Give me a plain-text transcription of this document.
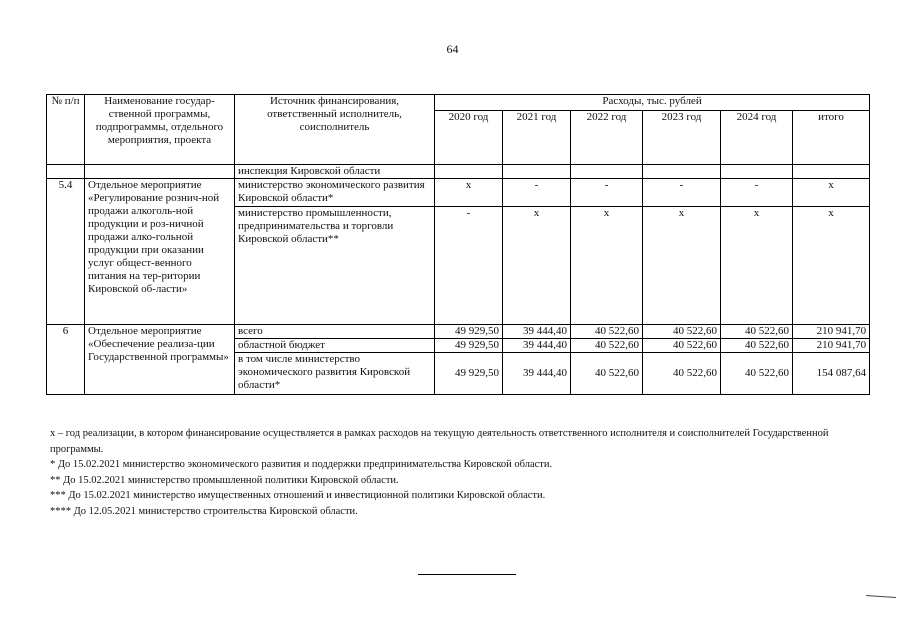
64
№ п/п	Наименование государ-ственной программы, подпрограммы, отдельного мероприятия, проекта	Источник финансирования, ответственный исполнитель, соисполнитель	Расходы, тыс. рублей					
			2020 год	2021 год	2022 год	2023 год	2024 год	итого
		инспекция Кировской области						
5.4	Отдельное мероприятие «Регулирование рознич-ной продажи алкоголь-ной продукции и роз-ничной продажи алко-гольной продукции при оказании услуг общест-венного питания на тер-ритории Кировской об-ласти»	министерство экономического развития Кировской области*	х	-	-	-	-	х
		министерство промышленности, предпринимательства и торговли Кировской области**	-	х	х	х	х	х
6	Отдельное мероприятие «Обеспечение реализа-ции Государственной программы»	всего	49 929,50	39 444,40	40 522,60	40 522,60	40 522,60	210 941,70
		областной бюджет	49 929,50	39 444,40	40 522,60	40 522,60	40 522,60	210 941,70
		в том числе министерство экономического развития Кировской области*	49 929,50	39 444,40	40 522,60	40 522,60	40 522,60	154 087,64
х – год реализации, в котором финансирование осуществляется в рамках расходов на текущую деятельность ответственного исполнителя и соисполнителей Государственной программы.
* До 15.02.2021 министерство экономического развития и поддержки предпринимательства Кировской области.
** До 15.02.2021 министерство промышленной политики Кировской области.
*** До 15.02.2021 министерство имущественных отношений и инвестиционной политики Кировской области.
**** До 12.05.2021 министерство строительства Кировской области.
